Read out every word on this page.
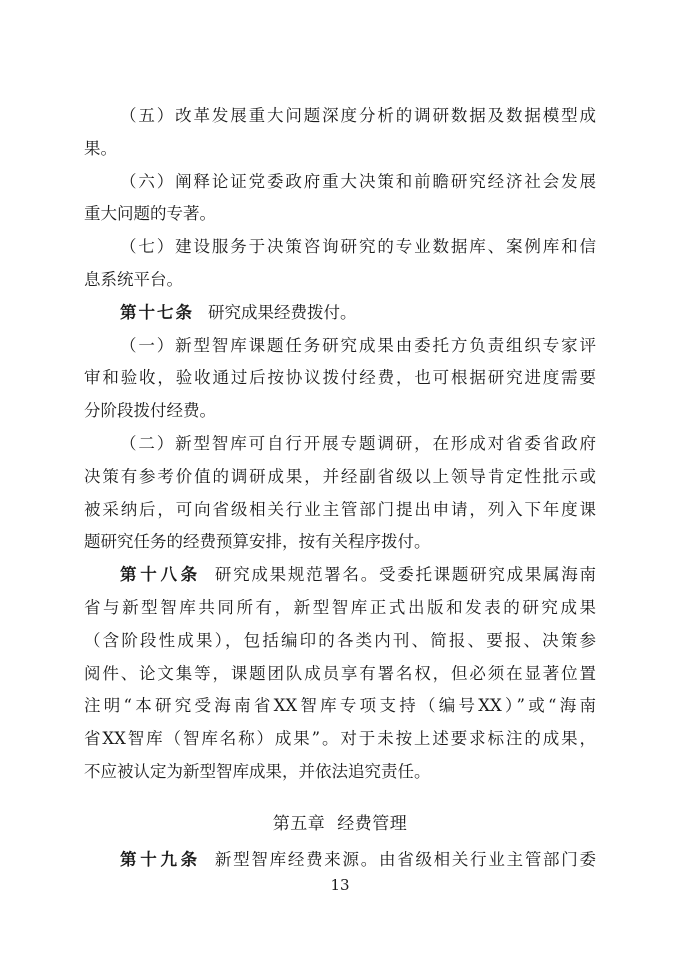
（五）改革发展重大问题深度分析的调研数据及数据模型成
果。
（六）阐释论证党委政府重大决策和前瞻研究经济社会发展
重大问题的专著。
（七）建设服务于决策咨询研究的专业数据库、案例库和信
息系统平台。
第十七条 研究成果经费拨付。
（一）新型智库课题任务研究成果由委托方负责组织专家评
审和验收，验收通过后按协议拨付经费，也可根据研究进度需要
分阶段拨付经费。
（二）新型智库可自行开展专题调研，在形成对省委省政府
决策有参考价值的调研成果，并经副省级以上领导肯定性批示或
被采纳后，可向省级相关行业主管部门提出申请，列入下年度课
题研究任务的经费预算安排，按有关程序拨付。
第十八条 研究成果规范署名。受委托课题研究成果属海南
省与新型智库共同所有，新型智库正式出版和发表的研究成果
（含阶段性成果），包括编印的各类内刊、简报、要报、决策参
阅件、论文集等，课题团队成员享有署名权，但必须在显著位置
注明“本研究受海南省XX智库专项支持（编号XX）”或“海南
省XX智库（智库名称）成果”。对于未按上述要求标注的成果，
不应被认定为新型智库成果，并依法追究责任。
第五章 经费管理
第十九条 新型智库经费来源。由省级相关行业主管部门委
13
